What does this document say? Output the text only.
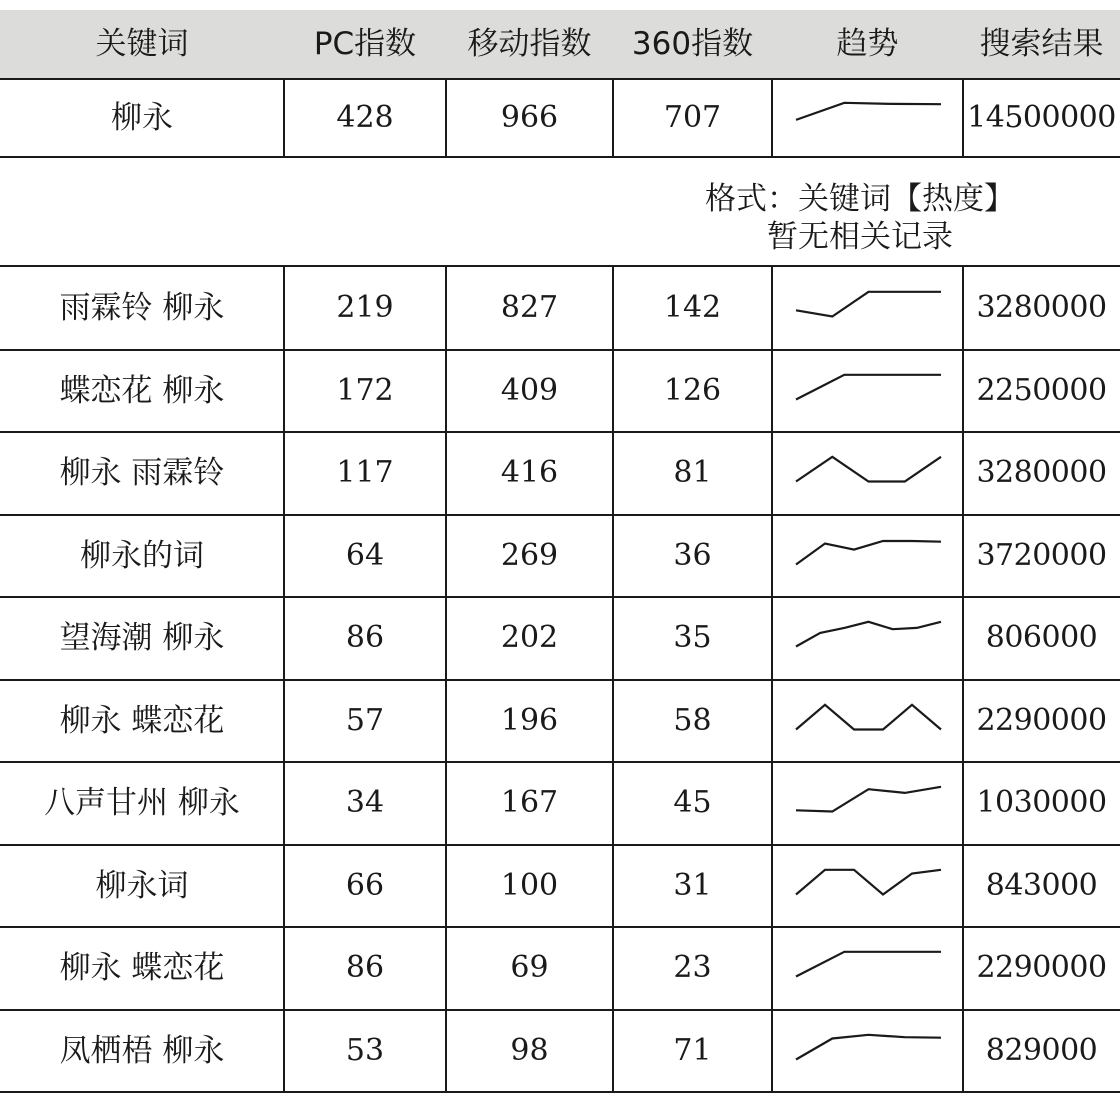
关键词	PC指数	移动指数	360指数	趋势	搜索结果
格式：关键词【热度】
暂无相关记录
柳永	428	966	707	14500000
雨霖铃 柳永	219	827	142	3280000
蝶恋花 柳永	172	409	126	2250000
柳永 雨霖铃	117	416	81	3280000
柳永的词	64	269	36	3720000
望海潮 柳永	86	202	35	806000
柳永 蝶恋花	57	196	58	2290000
八声甘州 柳永	34	167	45	1030000
柳永词	66	100	31	843000
柳永 蝶恋花	86	69	23	2290000
凤栖梧 柳永	53	98	71	829000
